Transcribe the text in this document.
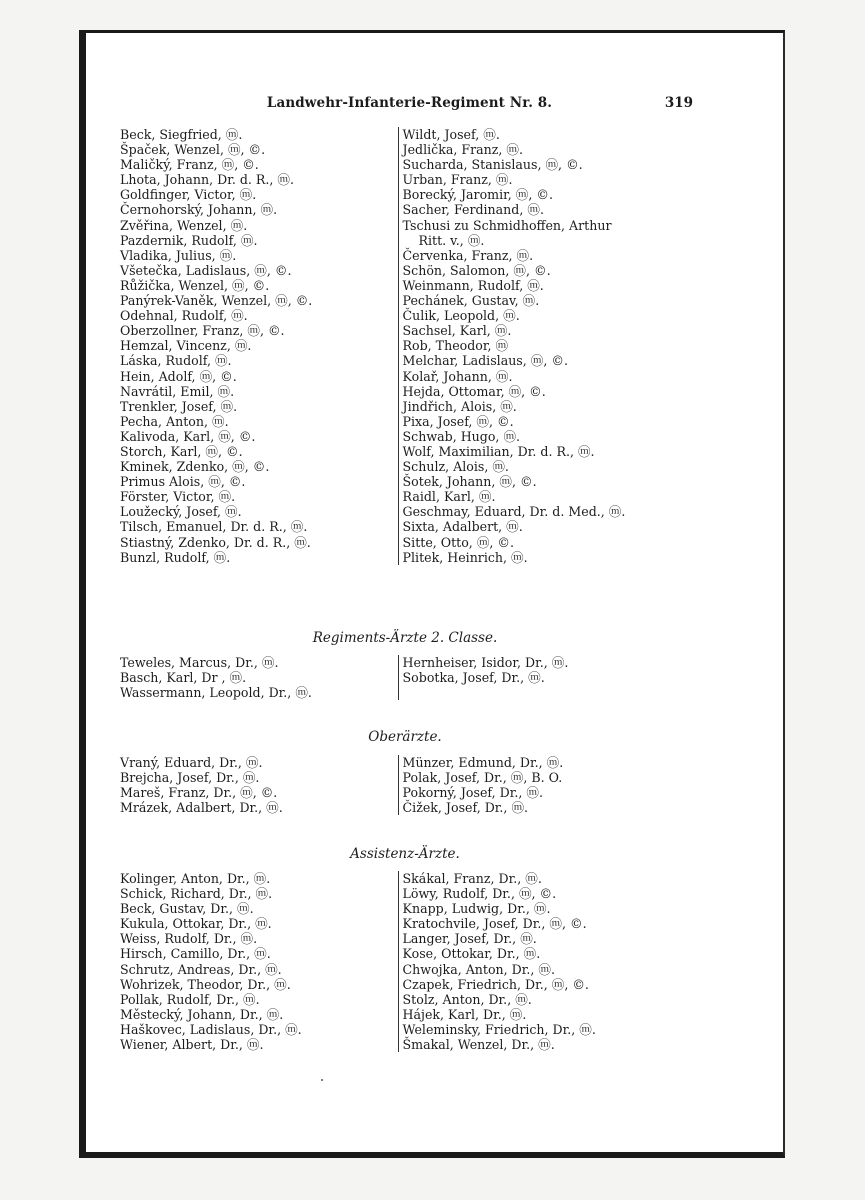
Landwehr-Infanterie-Regiment Nr. 8.	319
Beck, Siegfried, ⓜ.
Špaček, Wenzel, ⓜ, ©.
Maličký, Franz, ⓜ, ©.
Lhota, Johann, Dr. d. R., ⓜ.
Goldfinger, Victor, ⓜ.
Černohorský, Johann, ⓜ.
Zvěřina, Wenzel, ⓜ.
Pazdernik, Rudolf, ⓜ.
Vladika, Julius, ⓜ.
Všetečka, Ladislaus, ⓜ, ©.
Růžička, Wenzel, ⓜ, ©.
Panýrek-Vaněk, Wenzel, ⓜ, ©.
Odehnal, Rudolf, ⓜ.
Oberzollner, Franz, ⓜ, ©.
Hemzal, Vincenz, ⓜ.
Láska, Rudolf, ⓜ.
Hein, Adolf, ⓜ, ©.
Navrátil, Emil, ⓜ.
Trenkler, Josef, ⓜ.
Pecha, Anton, ⓜ.
Kalivoda, Karl, ⓜ, ©.
Storch, Karl, ⓜ, ©.
Kminek, Zdenko, ⓜ, ©.
Primus Alois, ⓜ, ©.
Förster, Victor, ⓜ.
Loužecký, Josef, ⓜ.
Tilsch, Emanuel, Dr. d. R., ⓜ.
Stiastný, Zdenko, Dr. d. R., ⓜ.
Bunzl, Rudolf, ⓜ.
Wildt, Josef, ⓜ.
Jedlička, Franz, ⓜ.
Sucharda, Stanislaus, ⓜ, ©.
Urban, Franz, ⓜ.
Borecký, Jaromir, ⓜ, ©.
Sacher, Ferdinand, ⓜ.
Tschusi zu Schmidhoffen, Arthur
Ritt. v., ⓜ.
Červenka, Franz, ⓜ.
Schön, Salomon, ⓜ, ©.
Weinmann, Rudolf, ⓜ.
Pechánek, Gustav, ⓜ.
Čulik, Leopold, ⓜ.
Sachsel, Karl, ⓜ.
Rob, Theodor, ⓜ
Melchar, Ladislaus, ⓜ, ©.
Kolař, Johann, ⓜ.
Hejda, Ottomar, ⓜ, ©.
Jindřich, Alois, ⓜ.
Pixa, Josef, ⓜ, ©.
Schwab, Hugo, ⓜ.
Wolf, Maximilian, Dr. d. R., ⓜ.
Schulz, Alois, ⓜ.
Šotek, Johann, ⓜ, ©.
Raidl, Karl, ⓜ.
Geschmay, Eduard, Dr. d. Med., ⓜ.
Sixta, Adalbert, ⓜ.
Sitte, Otto, ⓜ, ©.
Plitek, Heinrich, ⓜ.
Regiments-Ärzte 2. Classe.
Teweles, Marcus, Dr., ⓜ.
Basch, Karl, Dr , ⓜ.
Wassermann, Leopold, Dr., ⓜ.
Hernheiser, Isidor, Dr., ⓜ.
Sobotka, Josef, Dr., ⓜ.
Oberärzte.
Vraný, Eduard, Dr., ⓜ.
Brejcha, Josef, Dr., ⓜ.
Mareš, Franz, Dr., ⓜ, ©.
Mrázek, Adalbert, Dr., ⓜ.
Münzer, Edmund, Dr., ⓜ.
Polak, Josef, Dr., ⓜ, B. O.
Pokorný, Josef, Dr., ⓜ.
Čižek, Josef, Dr., ⓜ.
Assistenz-Ärzte.
Kolinger, Anton, Dr., ⓜ.
Schick, Richard, Dr., ⓜ.
Beck, Gustav, Dr., ⓜ.
Kukula, Ottokar, Dr., ⓜ.
Weiss, Rudolf, Dr., ⓜ.
Hirsch, Camillo, Dr., ⓜ.
Schrutz, Andreas, Dr., ⓜ.
Wohrizek, Theodor, Dr., ⓜ.
Pollak, Rudolf, Dr., ⓜ.
Městecký, Johann, Dr., ⓜ.
Haškovec, Ladislaus, Dr., ⓜ.
Wiener, Albert, Dr., ⓜ.
Skákal, Franz, Dr., ⓜ.
Löwy, Rudolf, Dr., ⓜ, ©.
Knapp, Ludwig, Dr., ⓜ.
Kratochvile, Josef, Dr., ⓜ, ©.
Langer, Josef, Dr., ⓜ.
Kose, Ottokar, Dr., ⓜ.
Chwojka, Anton, Dr., ⓜ.
Czapek, Friedrich, Dr., ⓜ, ©.
Stolz, Anton, Dr., ⓜ.
Hájek, Karl, Dr., ⓜ.
Weleminsky, Friedrich, Dr., ⓜ.
Šmakal, Wenzel, Dr., ⓜ.
